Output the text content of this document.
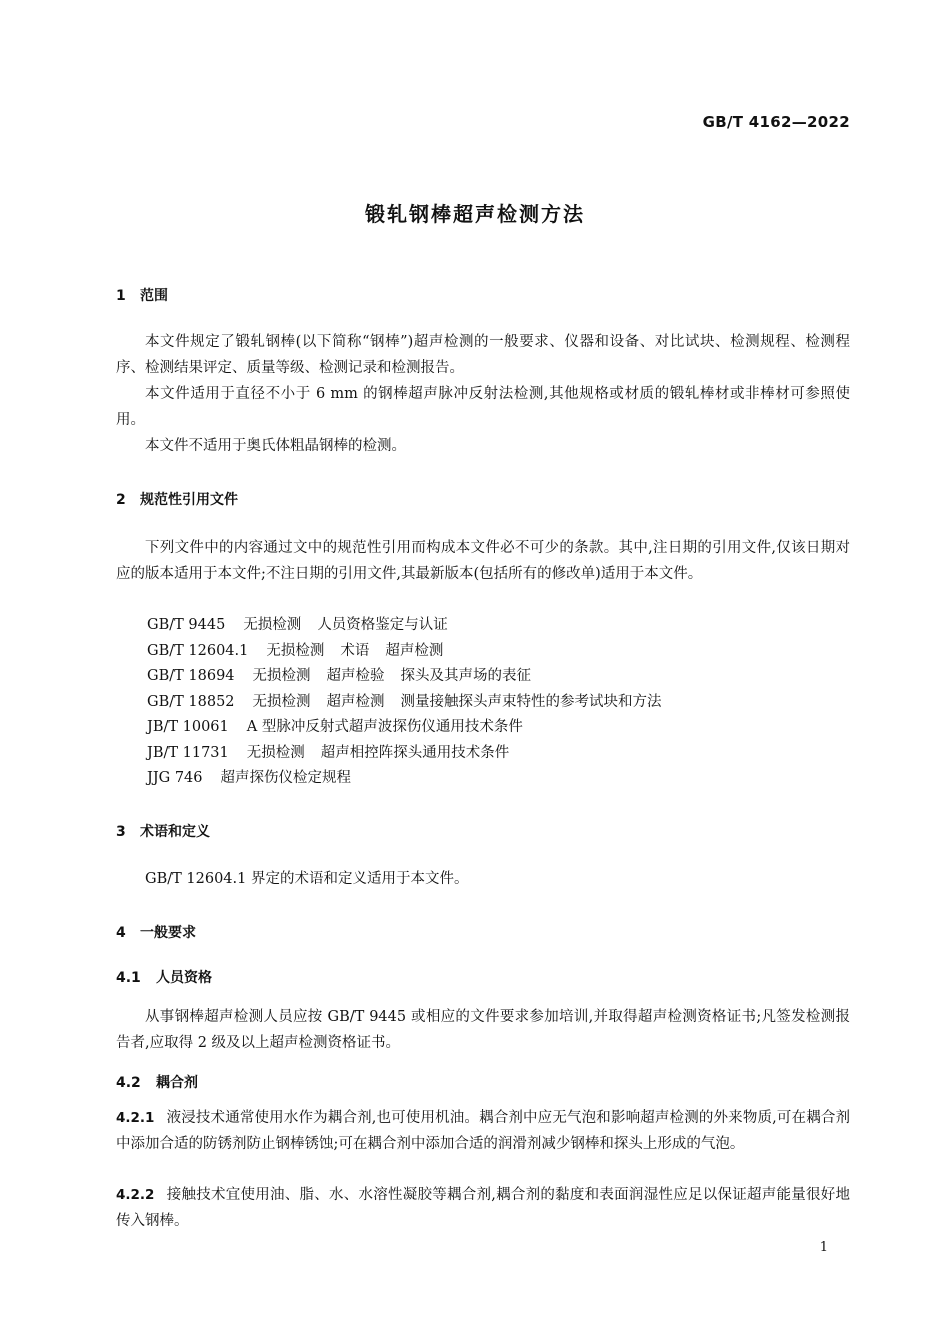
GB/T 4162—2022
锻轧钢棒超声检测方法
1 范围
本文件规定了锻轧钢棒(以下简称“钢棒”)超声检测的一般要求、仪器和设备、对比试块、检测规程、检测程序、检测结果评定、质量等级、检测记录和检测报告。
本文件适用于直径不小于 6 mm 的钢棒超声脉冲反射法检测,其他规格或材质的锻轧棒材或非棒材可参照使用。
本文件不适用于奥氏体粗晶钢棒的检测。
2 规范性引用文件
下列文件中的内容通过文中的规范性引用而构成本文件必不可少的条款。其中,注日期的引用文件,仅该日期对应的版本适用于本文件;不注日期的引用文件,其最新版本(包括所有的修改单)适用于本文件。
GB/T 9445 无损检测 人员资格鉴定与认证
GB/T 12604.1 无损检测 术语 超声检测
GB/T 18694 无损检测 超声检验 探头及其声场的表征
GB/T 18852 无损检测 超声检测 测量接触探头声束特性的参考试块和方法
JB/T 10061 A 型脉冲反射式超声波探伤仪通用技术条件
JB/T 11731 无损检测 超声相控阵探头通用技术条件
JJG 746 超声探伤仪检定规程
3 术语和定义
GB/T 12604.1 界定的术语和定义适用于本文件。
4 一般要求
4.1 人员资格
从事钢棒超声检测人员应按 GB/T 9445 或相应的文件要求参加培训,并取得超声检测资格证书;凡签发检测报告者,应取得 2 级及以上超声检测资格证书。
4.2 耦合剂
4.2.1 液浸技术通常使用水作为耦合剂,也可使用机油。耦合剂中应无气泡和影响超声检测的外来物质,可在耦合剂中添加合适的防锈剂防止钢棒锈蚀;可在耦合剂中添加合适的润滑剂减少钢棒和探头上形成的气泡。
4.2.2 接触技术宜使用油、脂、水、水溶性凝胶等耦合剂,耦合剂的黏度和表面润湿性应足以保证超声能量很好地传入钢棒。
1
